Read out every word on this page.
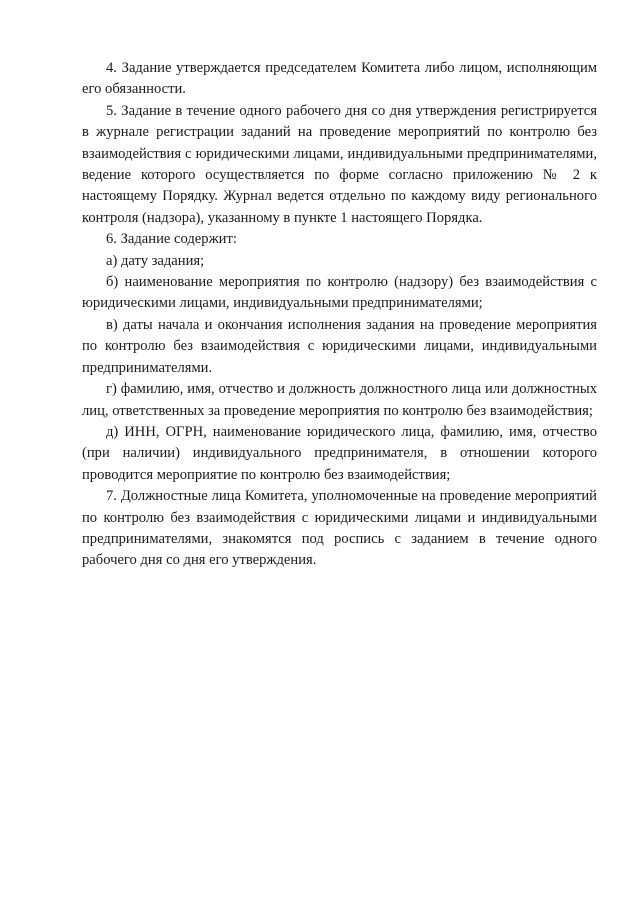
4. Задание утверждается председателем Комитета либо лицом, исполняющим его обязанности.

5. Задание в течение одного рабочего дня со дня утверждения регистрируется в журнале регистрации заданий на проведение мероприятий по контролю без взаимодействия с юридическими лицами, индивидуальными предпринимателями, ведение которого осуществляется по форме согласно приложению № 2 к настоящему Порядку. Журнал ведется отдельно по каждому виду регионального контроля (надзора), указанному в пункте 1 настоящего Порядка.

6. Задание содержит:

а) дату задания;

б) наименование мероприятия по контролю (надзору) без взаимодействия с юридическими лицами, индивидуальными предпринимателями;

в) даты начала и окончания исполнения задания на проведение мероприятия по контролю без взаимодействия с юридическими лицами, индивидуальными предпринимателями.

г) фамилию, имя, отчество и должность должностного лица или должностных лиц, ответственных за проведение мероприятия по контролю без взаимодействия;

д) ИНН, ОГРН, наименование юридического лица, фамилию, имя, отчество (при наличии) индивидуального предпринимателя, в отношении которого проводится мероприятие по контролю без взаимодействия;

7. Должностные лица Комитета, уполномоченные на проведение мероприятий по контролю без взаимодействия с юридическими лицами и индивидуальными предпринимателями, знакомятся под роспись с заданием в течение одного рабочего дня со дня его утверждения.
